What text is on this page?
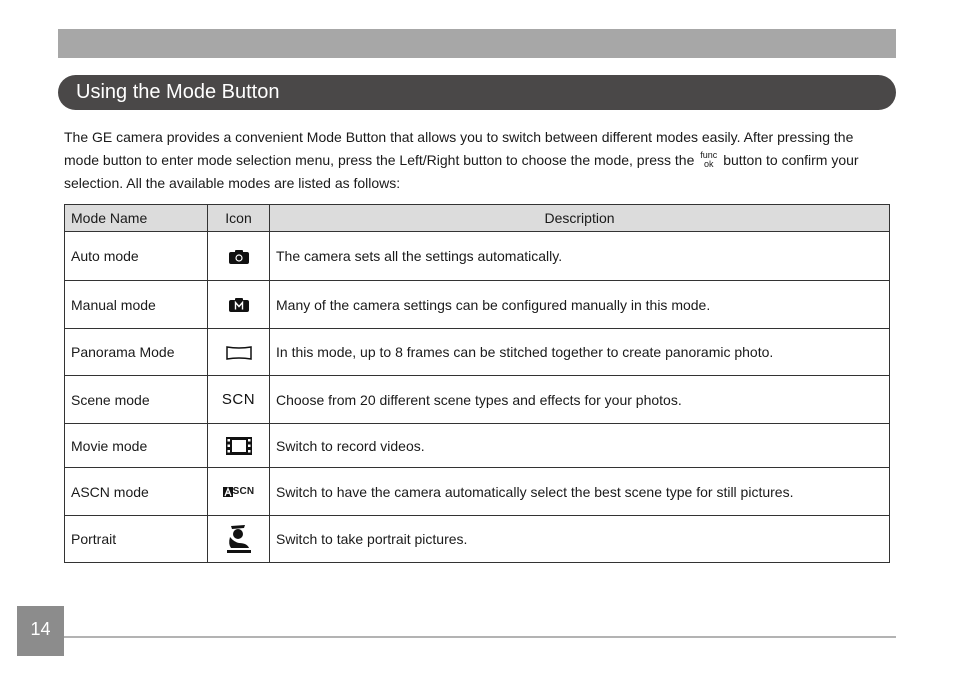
Using the Mode Button
The GE camera provides a convenient Mode Button that allows you to switch between different modes easily. After pressing the mode button to enter mode selection menu, press the Left/Right button to choose the mode, press the func
ok button to confirm your selection. All the available modes are listed as follows:
Mode Name	Icon	Description
Auto mode		The camera sets all the settings automatically.
Manual mode		Many of the camera settings can be configured manually in this mode.
Panorama Mode		In this mode, up to 8 frames can be stitched together to create panoramic photo.
Scene mode	SCN	Choose from 20 different scene types and effects for your photos.
Movie mode		Switch to record videos.
ASCN mode	SCN	Switch to have the camera automatically select the best scene type for still pictures.
Portrait		Switch to take portrait pictures.
14
